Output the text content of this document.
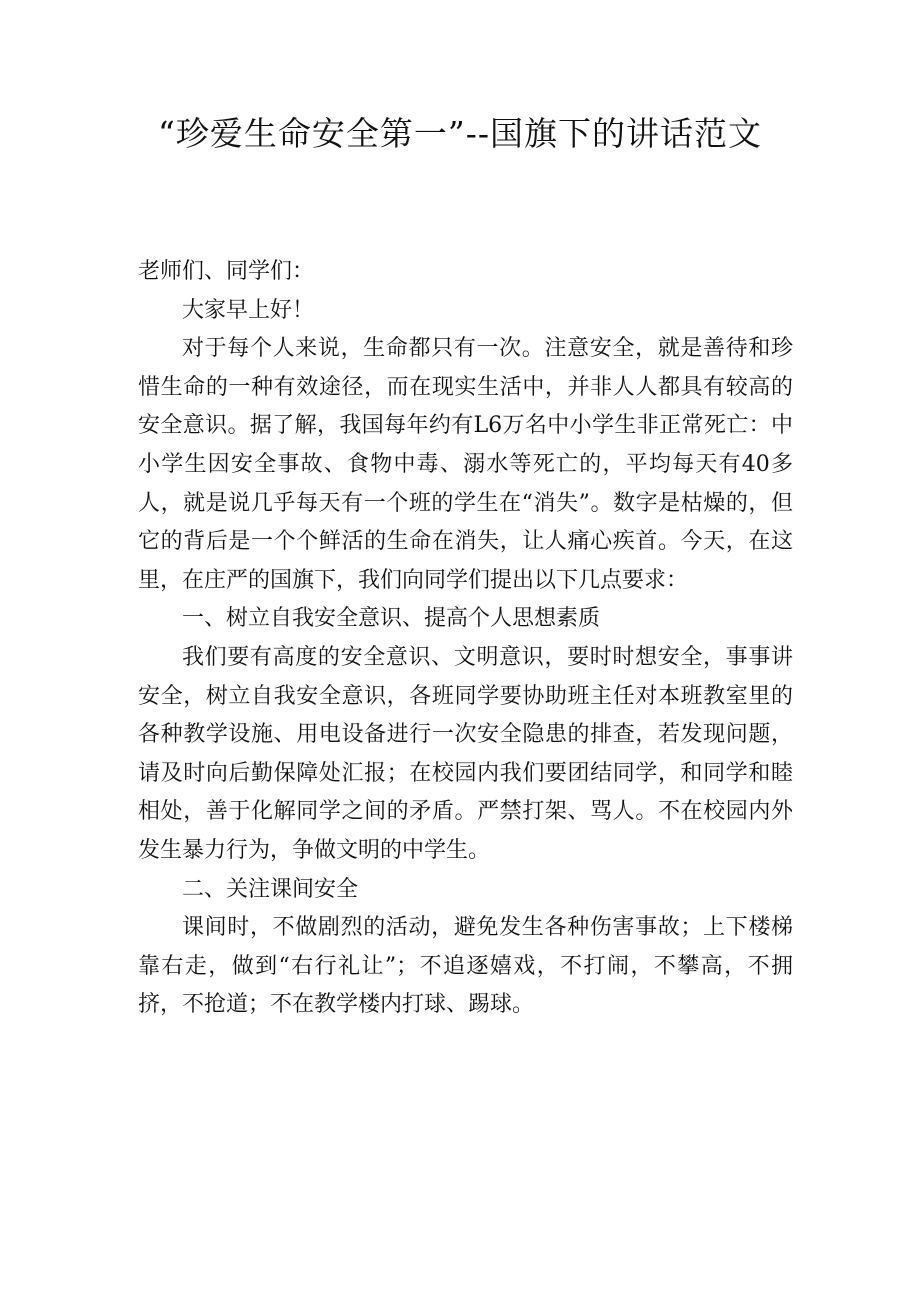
“珍爱生命安全第一”--国旗下的讲话范文

老师们、同学们：

大家早上好！

对于每个人来说，生命都只有一次。注意安全，就是善待和珍惜生命的一种有效途径，而在现实生活中，并非人人都具有较高的安全意识。据了解，我国每年约有L6万名中小学生非正常死亡：中小学生因安全事故、食物中毒、溺水等死亡的，平均每天有40多人，就是说几乎每天有一个班的学生在“消失”。数字是枯燥的，但它的背后是一个个鲜活的生命在消失，让人痛心疾首。今天，在这里，在庄严的国旗下，我们向同学们提出以下几点要求：

一、树立自我安全意识、提高个人思想素质

我们要有高度的安全意识、文明意识，要时时想安全，事事讲安全，树立自我安全意识，各班同学要协助班主任对本班教室里的各种教学设施、用电设备进行一次安全隐患的排查，若发现问题，请及时向后勤保障处汇报；在校园内我们要团结同学，和同学和睦相处，善于化解同学之间的矛盾。严禁打架、骂人。不在校园内外发生暴力行为，争做文明的中学生。

二、关注课间安全

课间时，不做剧烈的活动，避免发生各种伤害事故；上下楼梯靠右走，做到“右行礼让”；不追逐嬉戏，不打闹，不攀高，不拥挤，不抢道；不在教学楼内打球、踢球。
